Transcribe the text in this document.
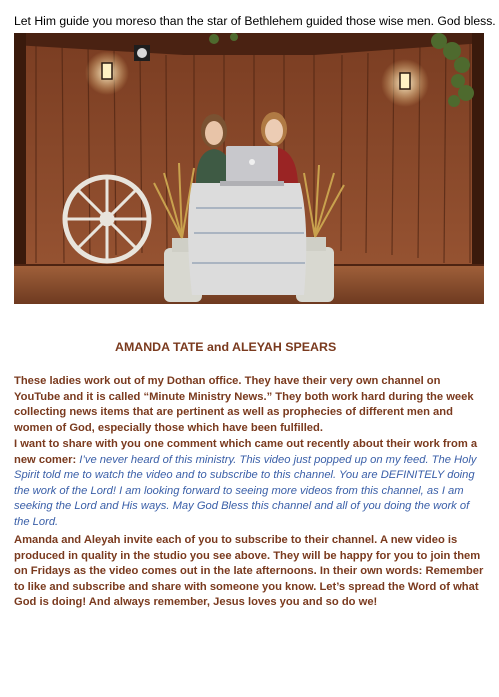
Let Him guide you moreso than the star of Bethlehem guided those wise men. God bless.
AMANDA TATE and ALEYAH SPEARS
These ladies work out of my Dothan office. They have their very own channel on YouTube and it is called “Minute Ministry News.” They both work hard during the week collecting news items that are pertinent as well as prophecies of different men and women of God, especially those which have been fulfilled.
I want to share with you one comment which came out recently about their work from a new comer: I’ve never heard of this ministry. This video just popped up on my feed. The Holy Spirit told me to watch the video and to subscribe to this channel. You are DEFINITELY doing the work of the Lord! I am looking forward to seeing more videos from this channel, as I am seeking the Lord and His ways. May God Bless this channel and all of you doing the work of the Lord.
Amanda and Aleyah invite each of you to subscribe to their channel. A new video is produced in quality in the studio you see above. They will be happy for you to join them on Fridays as the video comes out in the late afternoons. In their own words: Remember to like and subscribe and share with someone you know. Let’s spread the Word of what God is doing! And always remember, Jesus loves you and so do we!
